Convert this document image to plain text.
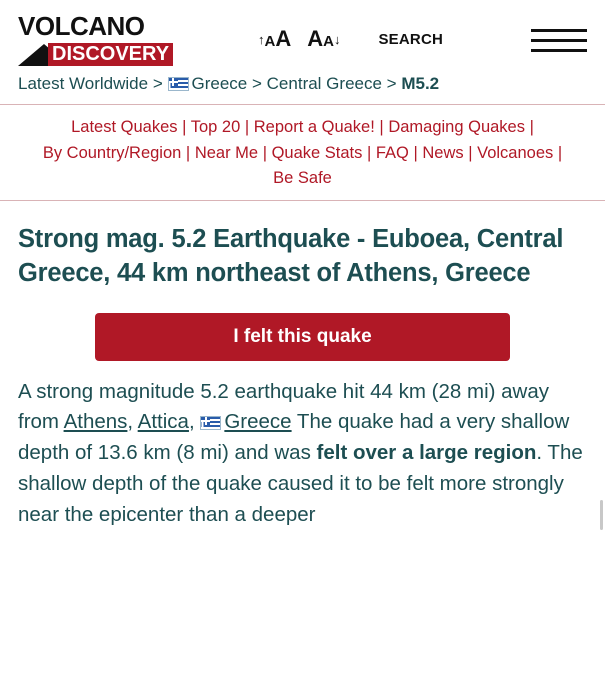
VOLCANO
DISCOVERY
↑AA AA↓	SEARCH
Latest Worldwide > Greece > Central Greece > M5.2
Latest Quakes | Top 20 | Report a Quake! | Damaging Quakes | By Country/Region | Near Me | Quake Stats | FAQ | News | Volcanoes | Be Safe
Strong mag. 5.2 Earthquake - Euboea, Central Greece, 44 km northeast of Athens, Greece
I felt this quake
A strong magnitude 5.2 earthquake hit 44 km (28 mi) away from Athens, Attica,
Greece The quake had a very shallow depth of 13.6 km (8 mi) and was felt over a large region. The shallow depth of the quake caused it to be felt more strongly near the epicenter than a deeper
